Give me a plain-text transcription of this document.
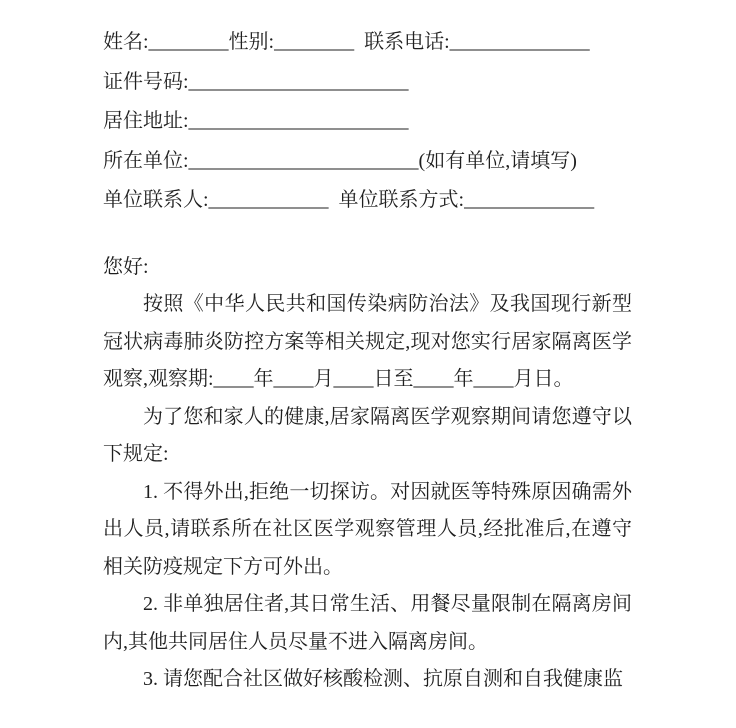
姓名:________性别:________  联系电话:______________
证件号码:______________________
居住地址:______________________
所在单位:_______________________(如有单位,请填写)
单位联系人:____________  单位联系方式:_____________
您好:

按照《中华人民共和国传染病防治法》及我国现行新型冠状病毒肺炎防控方案等相关规定,现对您实行居家隔离医学观察,观察期:____年____月____日至____年____月日。

为了您和家人的健康,居家隔离医学观察期间请您遵守以下规定:

1. 不得外出,拒绝一切探访。对因就医等特殊原因确需外出人员,请联系所在社区医学观察管理人员,经批准后,在遵守相关防疫规定下方可外出。

2. 非单独居住者,其日常生活、用餐尽量限制在隔离房间内,其他共同居住人员尽量不进入隔离房间。

3. 请您配合社区做好核酸检测、抗原自测和自我健康监
